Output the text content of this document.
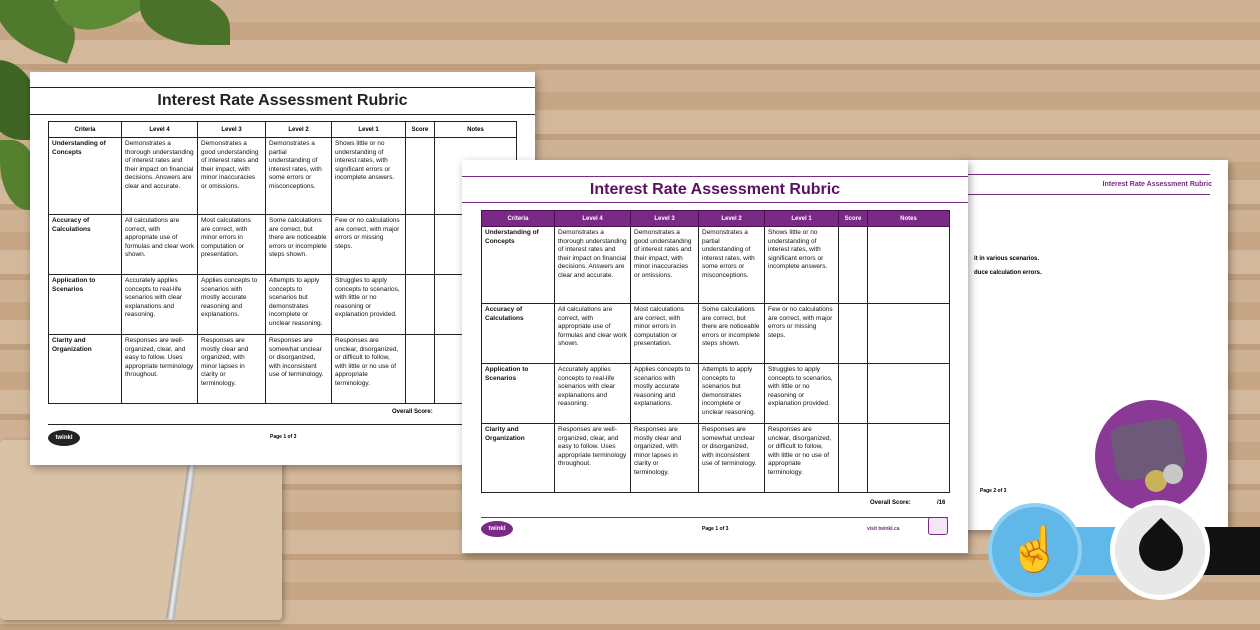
Interest Rate Assessment Rubric
Criteria	Level 4	Level 3	Level 2	Level 1	Score	Notes
Understanding of Concepts	Demonstrates a thorough understanding of interest rates and their impact on financial decisions. Answers are clear and accurate.	Demonstrates a good understanding of interest rates and their impact, with minor inaccuracies or omissions.	Demonstrates a partial understanding of interest rates, with some errors or misconceptions.	Shows little or no understanding of interest rates, with significant errors or incomplete answers.		
Accuracy of Calculations	All calculations are correct, with appropriate use of formulas and clear work shown.	Most calculations are correct, with minor errors in computation or presentation.	Some calculations are correct, but there are noticeable errors or incomplete steps shown.	Few or no calculations are correct, with major errors or missing steps.		
Application to Scenarios	Accurately applies concepts to real-life scenarios with clear explanations and reasoning.	Applies concepts to scenarios with mostly accurate reasoning and explanations.	Attempts to apply concepts to scenarios but demonstrates incomplete or unclear reasoning.	Struggles to apply concepts to scenarios, with little or no reasoning or explanation provided.		
Clarity and Organization	Responses are well-organized, clear, and easy to follow. Uses appropriate terminology throughout.	Responses are mostly clear and organized, with minor lapses in clarity or terminology.	Responses are somewhat unclear or disorganized, with inconsistent use of terminology.	Responses are unclear, disorganized, or difficult to follow, with little or no use of appropriate terminology.		
Overall Score:
twinkl	Page 1 of 3
Interest Rate Assessment Rubric
it in various scenarios.
duce calculation errors.
Page 2 of 3
Interest Rate Assessment Rubric
Criteria	Level 4	Level 3	Level 2	Level 1	Score	Notes
Understanding of Concepts	Demonstrates a thorough understanding of interest rates and their impact on financial decisions. Answers are clear and accurate.	Demonstrates a good understanding of interest rates and their impact, with minor inaccuracies or omissions.	Demonstrates a partial understanding of interest rates, with some errors or misconceptions.	Shows little or no understanding of interest rates, with significant errors or incomplete answers.		
Accuracy of Calculations	All calculations are correct, with appropriate use of formulas and clear work shown.	Most calculations are correct, with minor errors in computation or presentation.	Some calculations are correct, but there are noticeable errors or incomplete steps shown.	Few or no calculations are correct, with major errors or missing steps.		
Application to Scenarios	Accurately applies concepts to real-life scenarios with clear explanations and reasoning.	Applies concepts to scenarios with mostly accurate reasoning and explanations.	Attempts to apply concepts to scenarios but demonstrates incomplete or unclear reasoning.	Struggles to apply concepts to scenarios, with little or no reasoning or explanation provided.		
Clarity and Organization	Responses are well-organized, clear, and easy to follow. Uses appropriate terminology throughout.	Responses are mostly clear and organized, with minor lapses in clarity or terminology.	Responses are somewhat unclear or disorganized, with inconsistent use of terminology.	Responses are unclear, disorganized, or difficult to follow, with little or no use of appropriate terminology.		
Overall Score:	/16
twinkl	Page 1 of 3	visit twinkl.ca	☝
